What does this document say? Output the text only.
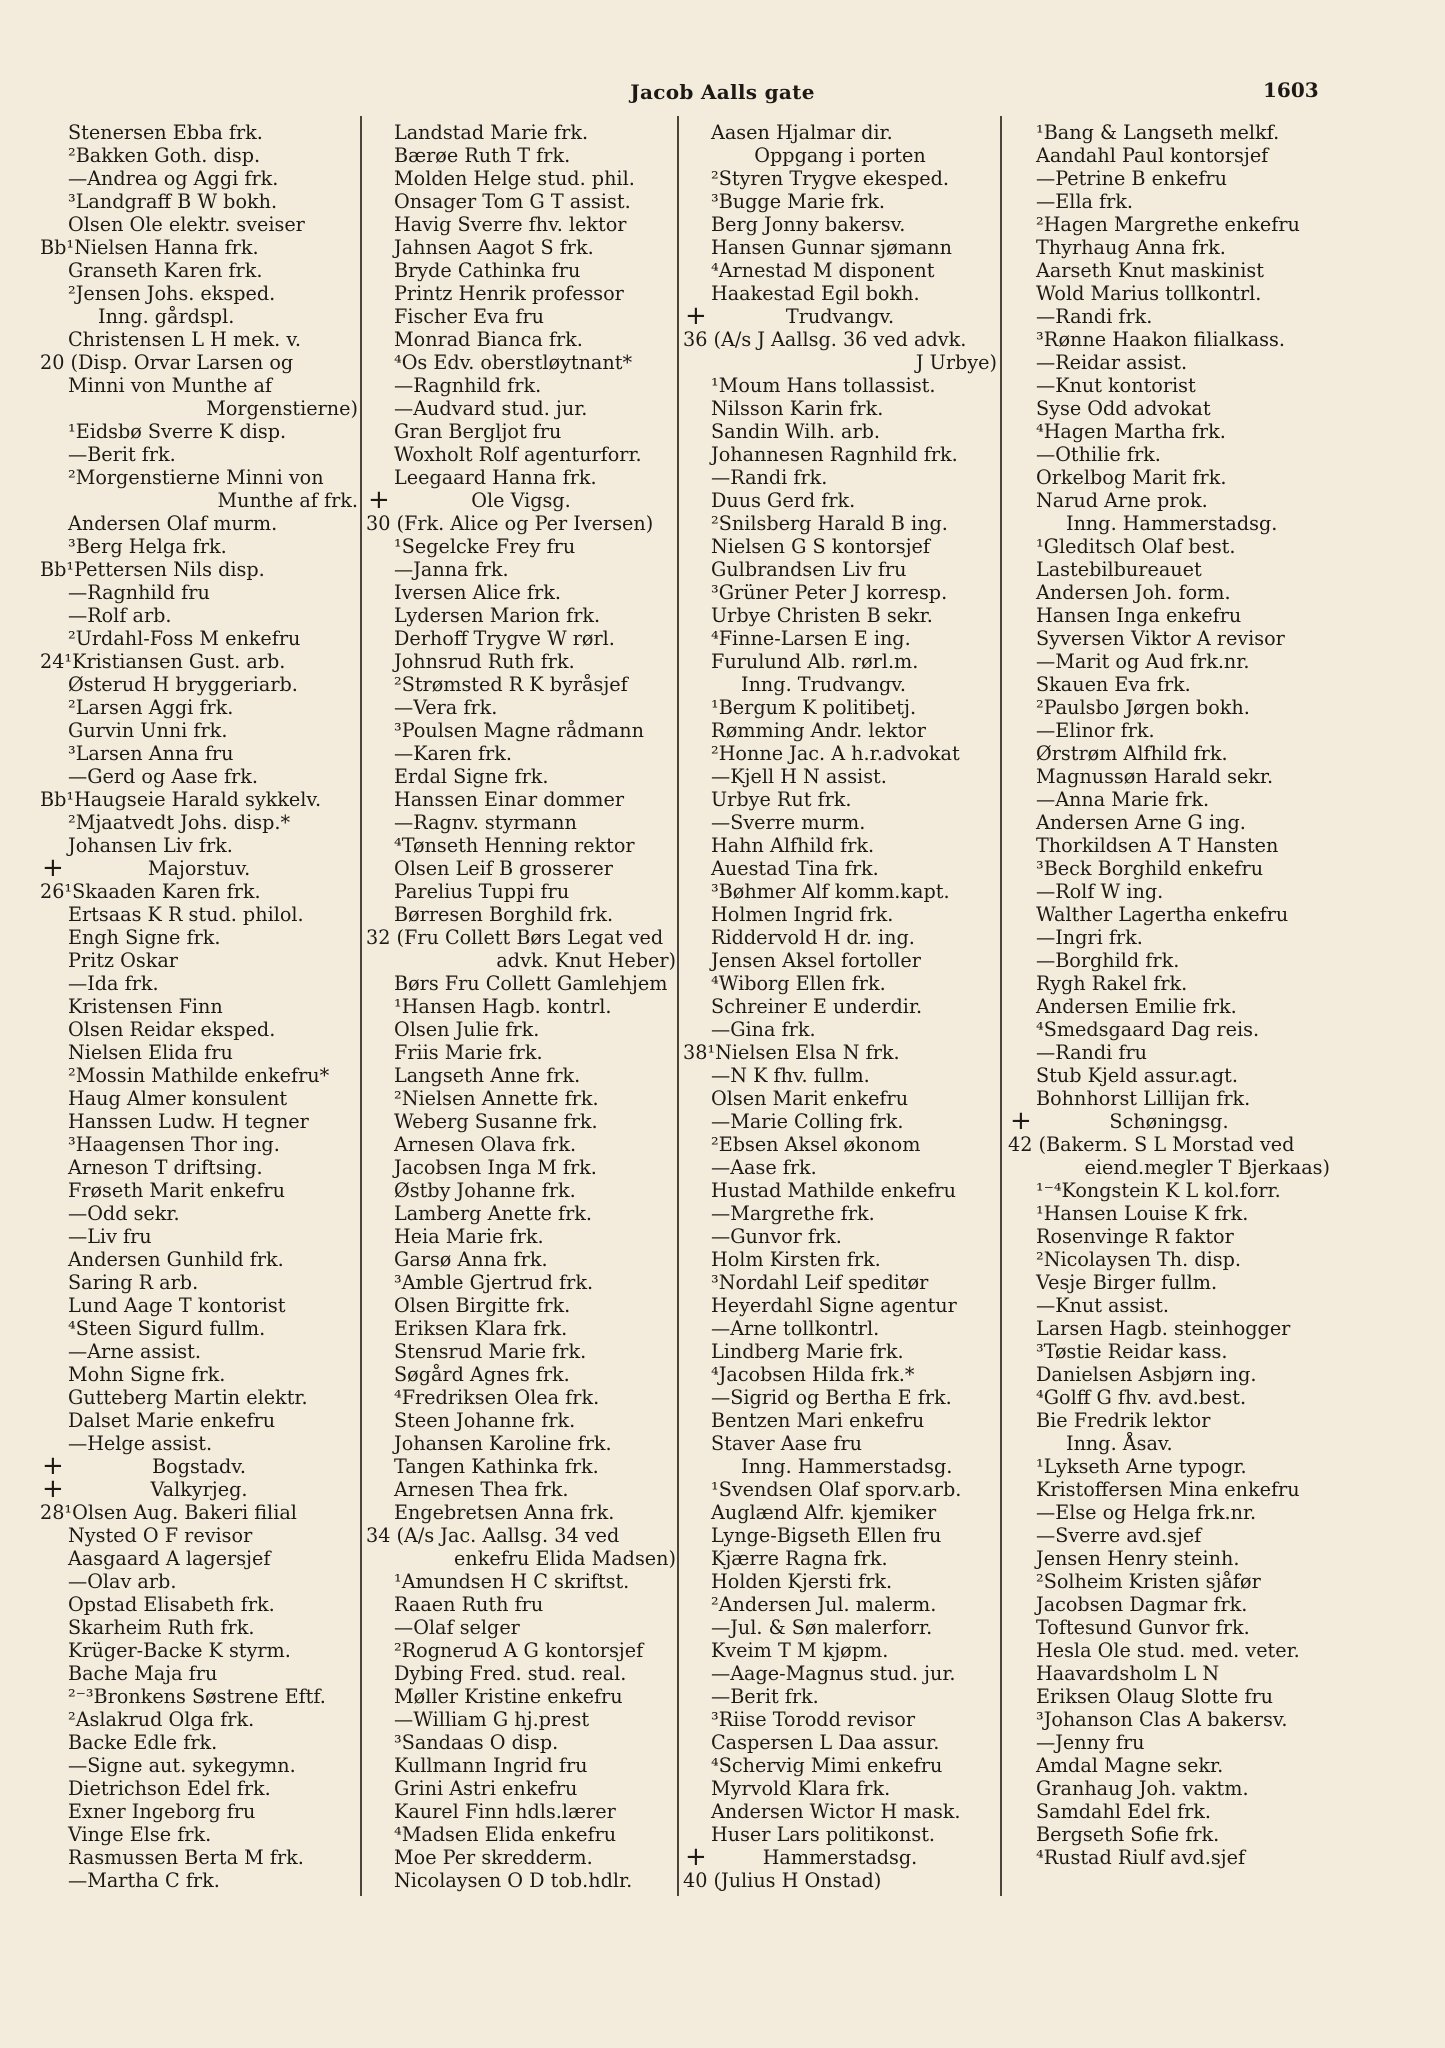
Jacob Aalls gate	1603
Stenersen Ebba frk.
²Bakken Goth. disp.
—Andrea og Aggi frk.
³Landgraff B W bokh.
Olsen Ole elektr. sveiser
Bb¹Nielsen Hanna frk.
Granseth Karen frk.
²Jensen Johs. eksped.
Inng. gårdspl.
Christensen L H mek. v.
20 (Disp. Orvar Larsen og
Minni von Munthe af
Morgenstierne)
¹Eidsbø Sverre K disp.
—Berit frk.
²Morgenstierne Minni von
Munthe af frk.
Andersen Olaf murm.
³Berg Helga frk.
Bb¹Pettersen Nils disp.
—Ragnhild fru
—Rolf arb.
²Urdahl-Foss M enkefru
24¹Kristiansen Gust. arb.
Østerud H bryggeriarb.
²Larsen Aggi frk.
Gurvin Unni frk.
³Larsen Anna fru
—Gerd og Aase frk.
Bb¹Haugseie Harald sykkelv.
²Mjaatvedt Johs. disp.*
Johansen Liv frk.
+	Majorstuv.
26¹Skaaden Karen frk.
Ertsaas K R stud. philol.
Engh Signe frk.
Pritz Oskar
—Ida frk.
Kristensen Finn
Olsen Reidar eksped.
Nielsen Elida fru
²Mossin Mathilde enkefru*
Haug Almer konsulent
Hanssen Ludw. H tegner
³Haagensen Thor ing.
Arneson T driftsing.
Frøseth Marit enkefru
—Odd sekr.
—Liv fru
Andersen Gunhild frk.
Saring R arb.
Lund Aage T kontorist
⁴Steen Sigurd fullm.
—Arne assist.
Mohn Signe frk.
Gutteberg Martin elektr.
Dalset Marie enkefru
—Helge assist.
+	Bogstadv.
+	Valkyrjeg.
28¹Olsen Aug. Bakeri filial
Nysted O F revisor
Aasgaard A lagersjef
—Olav arb.
Opstad Elisabeth frk.
Skarheim Ruth frk.
Krüger-Backe K styrm.
Bache Maja fru
²⁻³Bronkens Søstrene Eftf.
²Aslakrud Olga frk.
Backe Edle frk.
—Signe aut. sykegymn.
Dietrichson Edel frk.
Exner Ingeborg fru
Vinge Else frk.
Rasmussen Berta M frk.
—Martha C frk.
Landstad Marie frk.
Bærøe Ruth T frk.
Molden Helge stud. phil.
Onsager Tom G T assist.
Havig Sverre fhv. lektor
Jahnsen Aagot S frk.
Bryde Cathinka fru
Printz Henrik professor
Fischer Eva fru
Monrad Bianca frk.
⁴Os Edv. oberstløytnant*
—Ragnhild frk.
—Audvard stud. jur.
Gran Bergljot fru
Woxholt Rolf agenturforr.
Leegaard Hanna frk.
+	Ole Vigsg.
30 (Frk. Alice og Per Iversen)
¹Segelcke Frey fru
—Janna frk.
Iversen Alice frk.
Lydersen Marion frk.
Derhoff Trygve W rørl.
Johnsrud Ruth frk.
²Strømsted R K byråsjef
—Vera frk.
³Poulsen Magne rådmann
—Karen frk.
Erdal Signe frk.
Hanssen Einar dommer
—Ragnv. styrmann
⁴Tønseth Henning rektor
Olsen Leif B grosserer
Parelius Tuppi fru
Børresen Borghild frk.
32 (Fru Collett Børs Legat ved
advk. Knut Heber)
Børs Fru Collett Gamlehjem
¹Hansen Hagb. kontrl.
Olsen Julie frk.
Friis Marie frk.
Langseth Anne frk.
²Nielsen Annette frk.
Weberg Susanne frk.
Arnesen Olava frk.
Jacobsen Inga M frk.
Østby Johanne frk.
Lamberg Anette frk.
Heia Marie frk.
Garsø Anna frk.
³Amble Gjertrud frk.
Olsen Birgitte frk.
Eriksen Klara frk.
Stensrud Marie frk.
Søgård Agnes frk.
⁴Fredriksen Olea frk.
Steen Johanne frk.
Johansen Karoline frk.
Tangen Kathinka frk.
Arnesen Thea frk.
Engebretsen Anna frk.
34 (A/s Jac. Aallsg. 34 ved
enkefru Elida Madsen)
¹Amundsen H C skriftst.
Raaen Ruth fru
—Olaf selger
²Rognerud A G kontorsjef
Dybing Fred. stud. real.
Møller Kristine enkefru
—William G hj.prest
³Sandaas O disp.
Kullmann Ingrid fru
Grini Astri enkefru
Kaurel Finn hdls.lærer
⁴Madsen Elida enkefru
Moe Per skredderm.
Nicolaysen O D tob.hdlr.
Aasen Hjalmar dir.
Oppgang i porten
²Styren Trygve ekesped.
³Bugge Marie frk.
Berg Jonny bakersv.
Hansen Gunnar sjømann
⁴Arnestad M disponent
Haakestad Egil bokh.
+	Trudvangv.
36 (A/s J Aallsg. 36 ved advk.
J Urbye)
¹Moum Hans tollassist.
Nilsson Karin frk.
Sandin Wilh. arb.
Johannesen Ragnhild frk.
—Randi frk.
Duus Gerd frk.
²Snilsberg Harald B ing.
Nielsen G S kontorsjef
Gulbrandsen Liv fru
³Grüner Peter J korresp.
Urbye Christen B sekr.
⁴Finne-Larsen E ing.
Furulund Alb. rørl.m.
Inng. Trudvangv.
¹Bergum K politibetj.
Rømming Andr. lektor
²Honne Jac. A h.r.advokat
—Kjell H N assist.
Urbye Rut frk.
—Sverre murm.
Hahn Alfhild frk.
Auestad Tina frk.
³Bøhmer Alf komm.kapt.
Holmen Ingrid frk.
Riddervold H dr. ing.
Jensen Aksel fortoller
⁴Wiborg Ellen frk.
Schreiner E underdir.
—Gina frk.
38¹Nielsen Elsa N frk.
—N K fhv. fullm.
Olsen Marit enkefru
—Marie Colling frk.
²Ebsen Aksel økonom
—Aase frk.
Hustad Mathilde enkefru
—Margrethe frk.
—Gunvor frk.
Holm Kirsten frk.
³Nordahl Leif speditør
Heyerdahl Signe agentur
—Arne tollkontrl.
Lindberg Marie frk.
⁴Jacobsen Hilda frk.*
—Sigrid og Bertha E frk.
Bentzen Mari enkefru
Staver Aase fru
Inng. Hammerstadsg.
¹Svendsen Olaf sporv.arb.
Auglænd Alfr. kjemiker
Lynge-Bigseth Ellen fru
Kjærre Ragna frk.
Holden Kjersti frk.
²Andersen Jul. malerm.
—Jul. & Søn malerforr.
Kveim T M kjøpm.
—Aage-Magnus stud. jur.
—Berit frk.
³Riise Torodd revisor
Caspersen L Daa assur.
⁴Schervig Mimi enkefru
Myrvold Klara frk.
Andersen Wictor H mask.
Huser Lars politikonst.
+	Hammerstadsg.
40 (Julius H Onstad)
¹Bang & Langseth melkf.
Aandahl Paul kontorsjef
—Petrine B enkefru
—Ella frk.
²Hagen Margrethe enkefru
Thyrhaug Anna frk.
Aarseth Knut maskinist
Wold Marius tollkontrl.
—Randi frk.
³Rønne Haakon filialkass.
—Reidar assist.
—Knut kontorist
Syse Odd advokat
⁴Hagen Martha frk.
—Othilie frk.
Orkelbog Marit frk.
Narud Arne prok.
Inng. Hammerstadsg.
¹Gleditsch Olaf best.
Lastebilbureauet
Andersen Joh. form.
Hansen Inga enkefru
Syversen Viktor A revisor
—Marit og Aud frk.nr.
Skauen Eva frk.
²Paulsbo Jørgen bokh.
—Elinor frk.
Ørstrøm Alfhild frk.
Magnussøn Harald sekr.
—Anna Marie frk.
Andersen Arne G ing.
Thorkildsen A T Hansten
³Beck Borghild enkefru
—Rolf W ing.
Walther Lagertha enkefru
—Ingri frk.
—Borghild frk.
Rygh Rakel frk.
Andersen Emilie frk.
⁴Smedsgaard Dag reis.
—Randi fru
Stub Kjeld assur.agt.
Bohnhorst Lillijan frk.
+	Schøningsg.
42 (Bakerm. S L Morstad ved
eiend.megler T Bjerkaas)
¹⁻⁴Kongstein K L kol.forr.
¹Hansen Louise K frk.
Rosenvinge R faktor
²Nicolaysen Th. disp.
Vesje Birger fullm.
—Knut assist.
Larsen Hagb. steinhogger
³Tøstie Reidar kass.
Danielsen Asbjørn ing.
⁴Golff G fhv. avd.best.
Bie Fredrik lektor
Inng. Åsav.
¹Lykseth Arne typogr.
Kristoffersen Mina enkefru
—Else og Helga frk.nr.
—Sverre avd.sjef
Jensen Henry steinh.
²Solheim Kristen sjåfør
Jacobsen Dagmar frk.
Toftesund Gunvor frk.
Hesla Ole stud. med. veter.
Haavardsholm L N
Eriksen Olaug Slotte fru
³Johanson Clas A bakersv.
—Jenny fru
Amdal Magne sekr.
Granhaug Joh. vaktm.
Samdahl Edel frk.
Bergseth Sofie frk.
⁴Rustad Riulf avd.sjef
